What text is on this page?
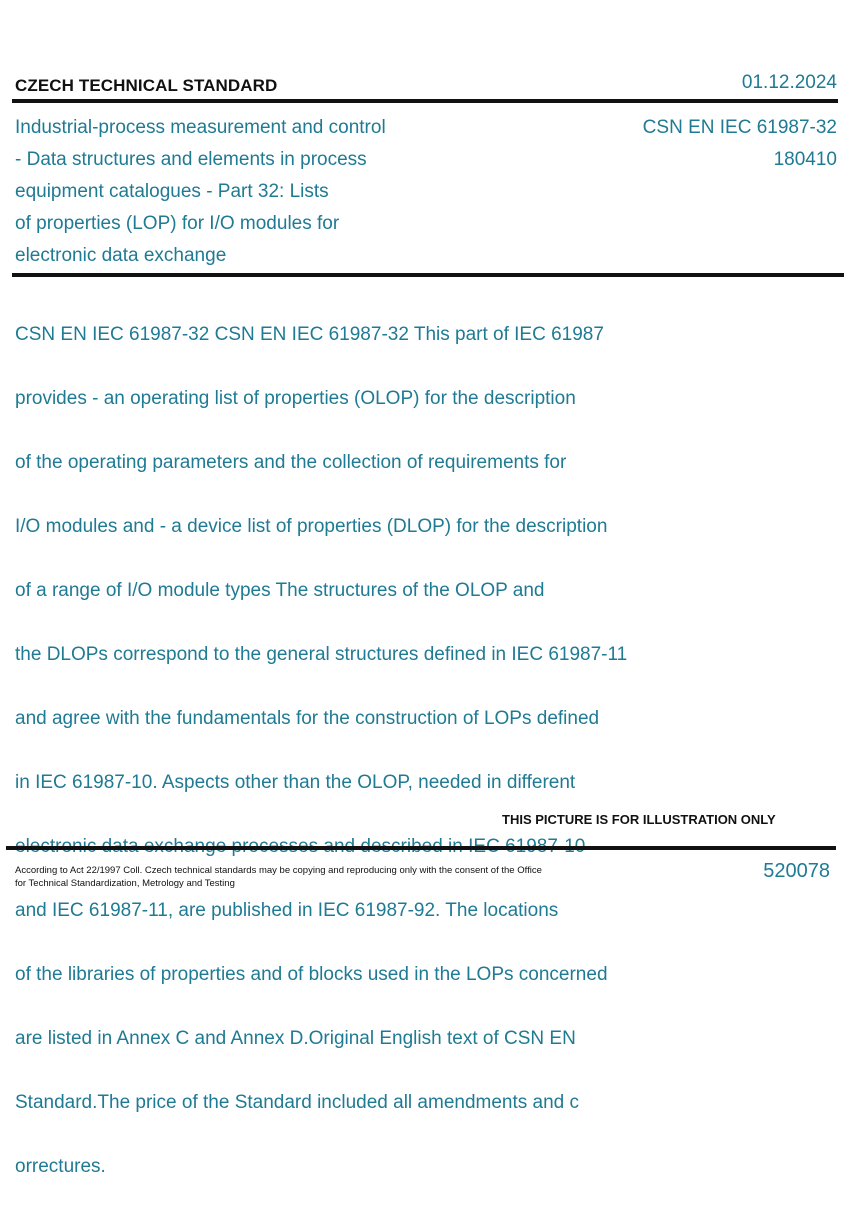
CZECH TECHNICAL STANDARD	01.12.2024
Industrial-process measurement and control
- Data structures and elements in process
equipment catalogues - Part 32: Lists
of properties (LOP) for I/O modules for
electronic data exchange
CSN EN IEC 61987-32
180410

CSN EN IEC 61987-32 CSN EN IEC 61987-32 This part of IEC 61987

provides - an operating list of properties (OLOP) for the description

of the operating parameters and the collection of requirements for

I/O modules and - a device list of properties (DLOP) for the description

of a range of I/O module types The structures of the OLOP and

the DLOPs correspond to the general structures defined in IEC 61987-11

and agree with the fundamentals for the construction of LOPs defined

in IEC 61987-10. Aspects other than the OLOP, needed in different

and IEC 61987-11, are published in IEC 61987-92. The locations

of the libraries of properties and of blocks used in the LOPs concerned

are listed in Annex C and Annex D.Original English text of CSN EN

Standard.The price of the Standard included all amendments and c

orrectures.

THIS PICTURE IS FOR ILLUSTRATION ONLY
According to Act 22/1997 Coll. Czech technical standards may be copying and reproducing only with the consent of the Office
for Technical Standardization, Metrology and Testing
520078
